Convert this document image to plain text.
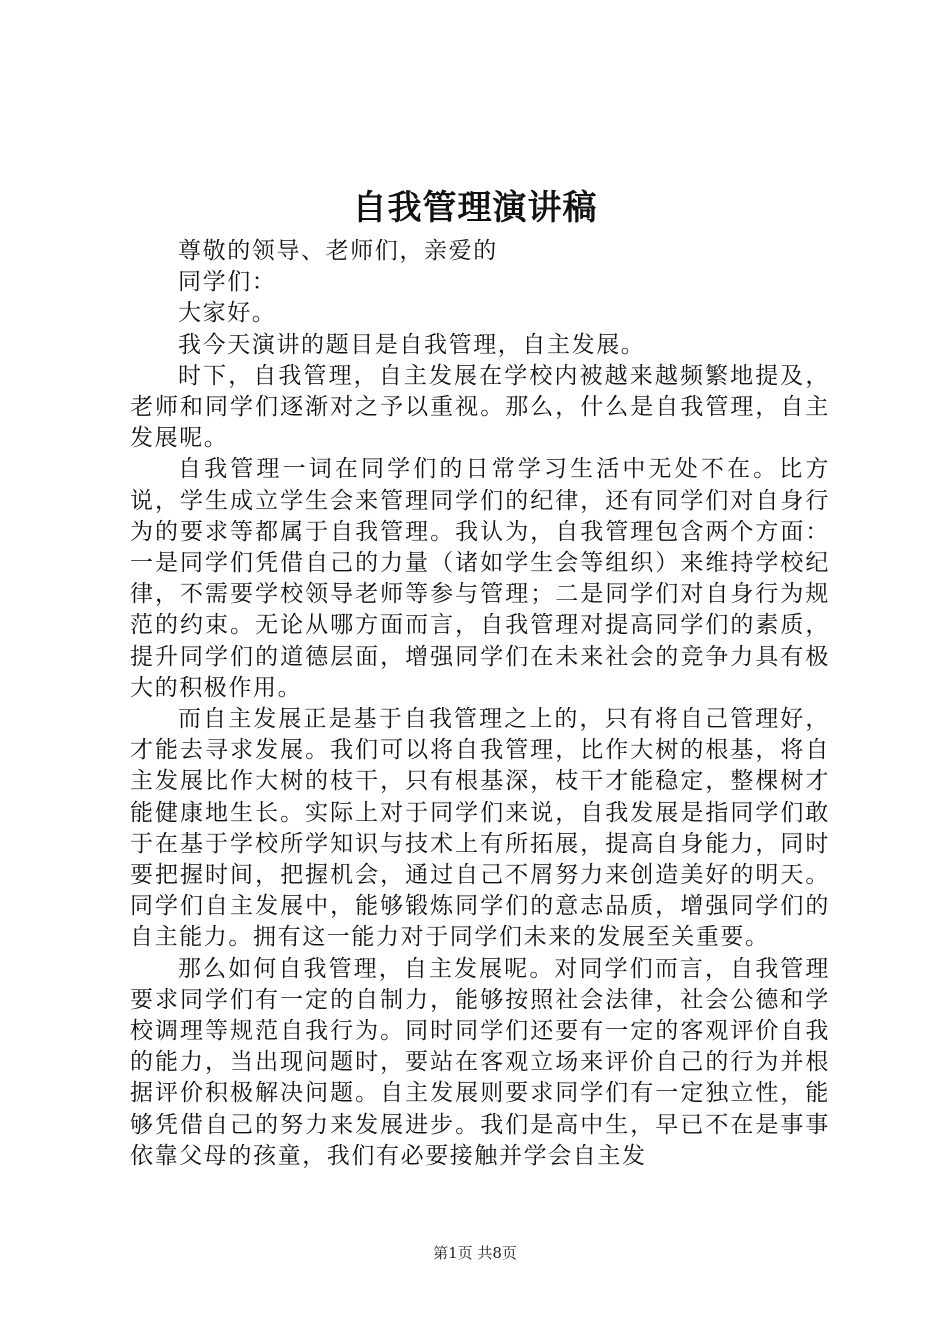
自我管理演讲稿

尊敬的领导、老师们，亲爱的

同学们：

大家好。

我今天演讲的题目是自我管理，自主发展。

时下，自我管理，自主发展在学校内被越来越频繁地提及，老师和同学们逐渐对之予以重视。那么，什么是自我管理，自主发展呢。

自我管理一词在同学们的日常学习生活中无处不在。比方说，学生成立学生会来管理同学们的纪律，还有同学们对自身行为的要求等都属于自我管理。我认为，自我管理包含两个方面：一是同学们凭借自己的力量（诸如学生会等组织）来维持学校纪律，不需要学校领导老师等参与管理；二是同学们对自身行为规范的约束。无论从哪方面而言，自我管理对提高同学们的素质，提升同学们的道德层面，增强同学们在未来社会的竞争力具有极大的积极作用。

而自主发展正是基于自我管理之上的，只有将自己管理好，才能去寻求发展。我们可以将自我管理，比作大树的根基，将自主发展比作大树的枝干，只有根基深，枝干才能稳定，整棵树才能健康地生长。实际上对于同学们来说，自我发展是指同学们敢于在基于学校所学知识与技术上有所拓展，提高自身能力，同时要把握时间，把握机会，通过自己不屑努力来创造美好的明天。同学们自主发展中，能够锻炼同学们的意志品质，增强同学们的自主能力。拥有这一能力对于同学们未来的发展至关重要。

那么如何自我管理，自主发展呢。对同学们而言，自我管理要求同学们有一定的自制力，能够按照社会法律，社会公德和学校调理等规范自我行为。同时同学们还要有一定的客观评价自我的能力，当出现问题时，要站在客观立场来评价自己的行为并根据评价积极解决问题。自主发展则要求同学们有一定独立性，能够凭借自己的努力来发展进步。我们是高中生，早已不在是事事依靠父母的孩童，我们有必要接触并学会自主发

第1页 共8页
